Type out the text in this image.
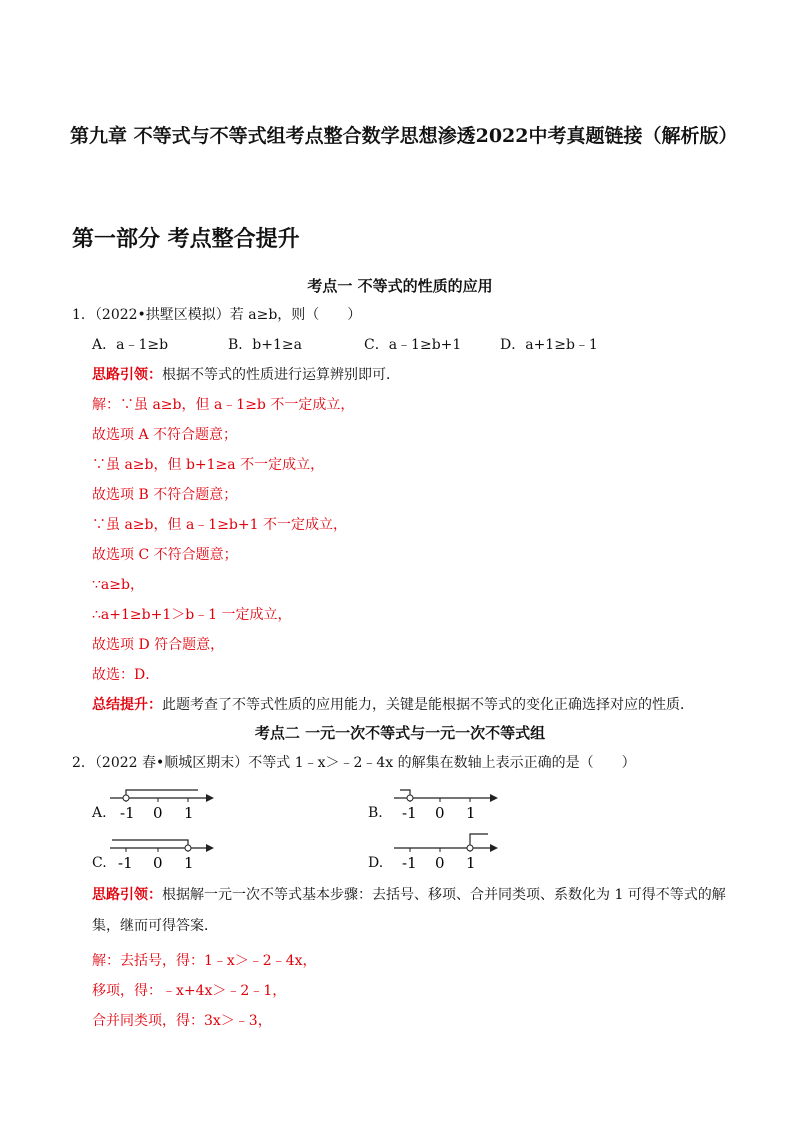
第九章 不等式与不等式组考点整合数学思想渗透2022中考真题链接（解析版）
第一部分 考点整合提升
考点一 不等式的性质的应用
1．（2022•拱墅区模拟）若 a≥b，则（　　）
A．a﹣1≥b	B．b+1≥a	C．a﹣1≥b+1	D．a+1≥b﹣1
思路引领：根据不等式的性质进行运算辨别即可．
解：∵虽 a≥b，但 a﹣1≥b 不一定成立，
故选项 A 不符合题意；
∵虽 a≥b，但 b+1≥a 不一定成立，
故选项 B 不符合题意；
∵虽 a≥b，但 a﹣1≥b+1 不一定成立，
故选项 C 不符合题意；
∵a≥b，
∴a+1≥b+1＞b﹣1 一定成立，
故选项 D 符合题意，
故选：D．
总结提升：此题考查了不等式性质的应用能力，关键是能根据不等式的变化正确选择对应的性质．
考点二 一元一次不等式与一元一次不等式组
2．（2022 春•顺城区期末）不等式 1﹣x＞﹣2﹣4x 的解集在数轴上表示正确的是（　　）
A. -1 0 1	B. -1 0 1
C. -1 0 1	D. -1 0 1
思路引领：根据解一元一次不等式基本步骤：去括号、移项、合并同类项、系数化为 1 可得不等式的解集，继而可得答案．
解：去括号，得：1﹣x＞﹣2﹣4x，
移项，得：﹣x+4x＞﹣2﹣1，
合并同类项，得：3x＞﹣3，
